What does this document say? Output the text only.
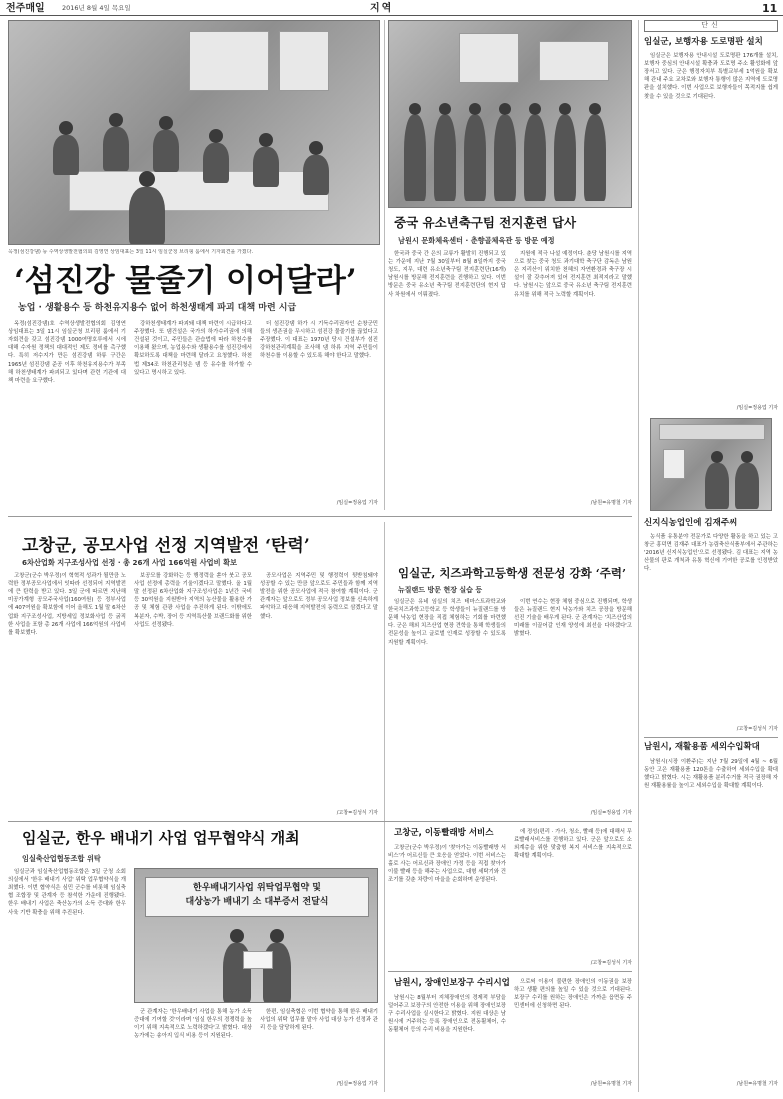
전주매일	2016년 8월 4일 목요일	지역	11
옥정(섬진강댐) 등 수역상생발전협의회 김영연 상임대표는 3일 11시 임실군청 브리핑 룸에서 기자회견을 가졌다.
‘섬진강 물줄기 이어달라’
농업 · 생활용수 등 하천유지용수 없어 하천생태계 파괴 대책 마련 시급

옥정(섬진강댐)호 수역상생발전협의회 김영연 상임대표는 3일 11시 임실군청 브리핑 룸에서 기자회견을 갖고 섬진강댐 1000여명호루에서 시에 대해 수자원 정책의 대대적인 제도 정비를 촉구했다. 특히 저수지가 만든 섬진강댐 하류 구간은 1965년 섬진강댐 준공 이후 하천유지용수가 부족해 하천생태계가 파괴되고 있다며 관련 기관에 대책 마련을 요구했다.

강하천생태계가 파괴돼 대책 마련이 시급하다고 주장했다. 또 댐건설은 국가의 하가수리권에 의해 건설된 것이고, 주민들은 관습법에 따라 하천수를 이용해 왔으며, 농업용수와 생활용수를 섬진강에서 확보하도록 대책을 마련해 달라고 요청했다. 하천법 제34조 하천관리청은 댐 등 유수를 하가할 수 있다고 명시하고 있다.

더 섬진강댐 하가 시 기득수리권자인 순창군민들의 생존권을 무시하고 섬진강 물줄기를 끊었다고 주장했다. 이 대표는 1970년 당시 건설부가 섬진강하천관리계획을 조사해 댐 하류 지역 주민들이 하천수를 이용할 수 있도록 해야 한다고 말했다.

/임실=정용업 기자
중국 유소년축구팀 전지훈련 답사
남원시 문화체육센터 · 춘향골체육관 등 방문 예정

한국과 중국 간 은의 교류가 활발히 진행되고 있는 가운데 지난 7월 30일부터 8월 8일까지 중국 청도, 지무, 대련 유소년축구팀 전지훈련단(16개) 남원시를 방문해 전지훈련을 진행하고 있다. 이번 방문은 중국 유소년 축구팀 전지훈련단의 현지 답사 차원에서 이뤄졌다.

지원에 적극 나설 예정이다. 춘당 남원시를 지역으로 찾는 중국 청도 과기대학 축구단 감독은 남원은 지리산이 위치한 천혜의 자연환경과 축구장 시설이 잘 갖추어져 있어 전지훈련 최적지라고 말했다. 남원시는 앞으로 중국 유소년 축구팀 전지훈련 유치를 위해 적극 노력할 계획이다.

/남원=유명철 기자
단신
임실군, 보행자용 도로명판 설치

임실군은 보행자용 안내시설 도로명판 176개를 설치, 보행자 중심의 안내시설 확충과 도로명 주소 활성화에 앞장서고 있다. 군은 행정자치부 특별교부세 1억원을 확보해 관내 주요 교차로와 보행자 통행이 많은 지역에 도로명판을 설치했다. 이번 사업으로 보행자들이 목적지를 쉽게 찾을 수 있을 것으로 기대된다.

/임실=정용업 기자
신지식농업인에 김재주씨

농식품 유통분야 전문가로 다양한 활동을 하고 있는 고창군 흥덕면 김재주 대표가 농림축산식품부에서 주관하는 '2016년 신지식농업인'으로 선정됐다. 김 대표는 지역 농산물의 판로 개척과 유통 혁신에 기여한 공로를 인정받았다.

/고창=김성식 기자
남원시, 재활용품 세외수입확대

남원시(시장 이환주)는 지난 7월 29일에 4월 ~ 6월 동안 고은 재활용품 120톤을 수출하여 세외수입을 확대했다고 밝혔다. 시는 재활용품 분리수거를 적극 권장해 자원 재활용률을 높이고 세외수입을 확대할 계획이다.

/남원=유명철 기자
고창군, 공모사업 선정 지역발전 ‘탄력’
6차산업화 지구조성사업 선정 · 총 26개 사업 166억원 사업비 확보

고창군(군수 박우정)이 혁혁적 성과가 될만큼 노력한 정부공모사업에서 잇따라 선정되어 지역발전에 큰 탄력을 받고 있다. 3일 군에 따르면 지난해 미공가계형 공모주국사업(160여원) 등 정부사업에 407여원을 확보함에 이어 올해도 1월 말 6차산업화 지구조성사업, 지방세입 정보화사업 등 굵직한 사업을 포함 총 26개 사업에 166억원의 사업비를 확보했다.

보공모를 강화하는 등 행정력을 쏟아 붓고 공모사업 선정에 총력을 기울이겠다고 말했다. 올 1월 말 선정된 6차산업화 지구조성사업은 1년간 국비 등 30억원을 지원받아 지역의 농산물을 활용한 가공 및 체험 관광 사업을 추진하게 된다. 이밖에도 복분자, 수박, 장어 등 지역특산물 브랜드화를 위한 사업도 선정됐다.

공모사업은 지역주민 및 행정력이 뒷받침돼야 성공할 수 있는 만큼 앞으로도 주민들과 함께 지역발전을 위한 공모사업에 적극 참여할 계획이다. 군 관계자는 앞으로도 정부 공모사업 정보를 신속하게 파악하고 대응해 지역발전의 동력으로 삼겠다고 말했다.

/고창=김성식 기자
임실군, 치즈과학고등학생 전문성 강화 ‘주력’
뉴질랜드 방문 현장 실습 등

임실군은 유네 임실의 치즈 테마스트과학교와 한국치즈과학고등학교 등 학생들이 뉴질랜드를 방문해 낙농업 현장을 직접 체험하는 기회를 마련했다. 군은 해외 치즈산업 현장 견학을 통해 학생들의 전문성을 높이고 글로벌 인재로 성장할 수 있도록 지원할 계획이다.

이번 연수는 현장 체험 중심으로 진행되며, 학생들은 뉴질랜드 현지 낙농가와 치즈 공장을 방문해 선진 기술을 배우게 된다. 군 관계자는 '치즈산업의 미래를 이끌어갈 인재 양성에 최선을 다하겠다'고 밝혔다.

/임실=정용업 기자
고창군, 이동빨래방 서비스

고창군(군수 박우정)이 '찾아가는 이동빨래방 서비스'가 어르신들 큰 호응을 얻었다. 이번 서비스는 홀로 사는 어르신과 장애인 가정 등을 직접 찾아가 이불 빨래 등을 해주는 사업으로, 대형 세탁기와 건조기를 갖춘 차량이 마을을 순회하며 운영된다.

에 정성(편리 · 가사, 청소, 빨래 등)에 대해서 무료빨래서비스를 진행하고 있다. 군은 앞으로도 소외계층을 위한 맞춤형 복지 서비스를 지속적으로 확대할 계획이다.

/고창=김성식 기자
남원시, 장애인보장구 수리시업

남원시는 8월부터 지체장애인의 경제적 부담을 덜어주고 보장구의 안전한 이용을 위해 장애인보장구 수리사업을 실시한다고 밝혔다. 지원 대상은 남원시에 거주하는 등록 장애인으로 전동휠체어, 수동휠체어 등의 수리 비용을 지원한다.

으로써 이용이 불편한 장애인의 이동권을 보장하고 생활 편의를 높일 수 있을 것으로 기대된다. 보장구 수리를 원하는 장애인은 가까운 읍면동 주민센터에 신청하면 된다.

/남원=유명철 기자
임실군, 한우 배내기 사업 업무협약식 개최
임실축산업협동조합 위탁

임실군과 임실축산업협동조합은 3일 군청 소회의실에서 '한우 배내기 사업' 위탁 업무협약식을 개최했다. 이번 협약식은 심민 군수를 비롯해 임실축협 조합장 및 관계자 등 참석한 가운데 진행됐다. 한우 배내기 사업은 축산농가의 소득 증대와 한우 사육 기반 확충을 위해 추진된다.

한우배내기사업 위탁업무협약 및
대상농가 배내기 소 대부증서 전달식

군 관계자는 '한우배내기 사업을 통해 농가 소득 증대에 기여할 것'이라며 '임실 한우의 경쟁력을 높이기 위해 지속적으로 노력하겠다'고 밝혔다. 대상 농가에는 송아지 입식 비용 등이 지원된다.

한편, 임실축협은 이번 협약을 통해 한우 배내기 사업의 위탁 업무를 맡아 사업 대상 농가 선정과 관리 등을 담당하게 된다.

/임실=정용업 기자
